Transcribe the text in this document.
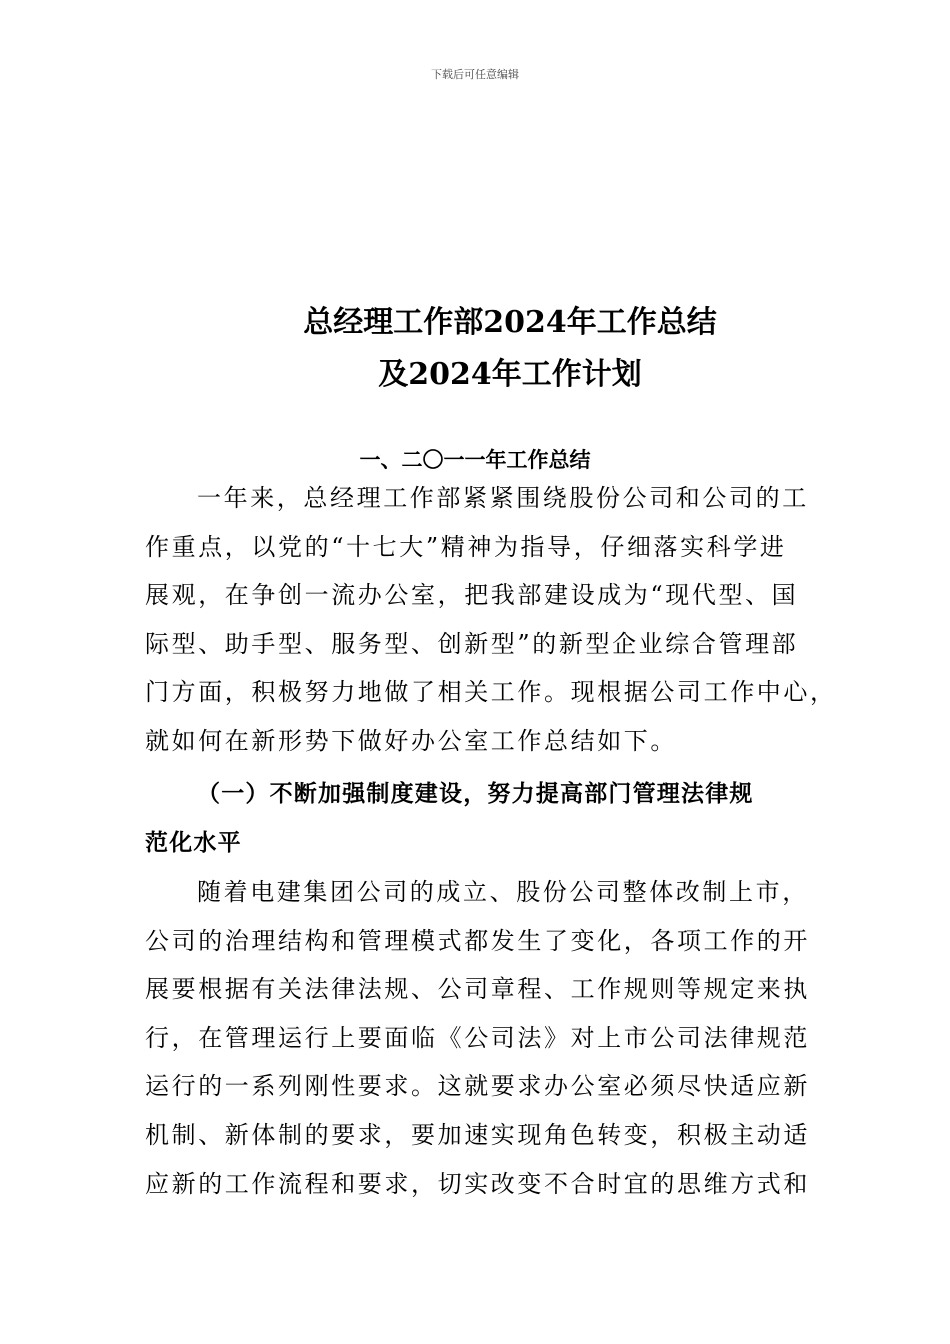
下载后可任意编辑
总经理工作部2024年工作总结
及2024年工作计划
一、二〇一一年工作总结
一年来，总经理工作部紧紧围绕股份公司和公司的工
作重点，以党的“十七大”精神为指导，仔细落实科学进
展观，在争创一流办公室，把我部建设成为“现代型、国
际型、助手型、服务型、创新型”的新型企业综合管理部
门方面，积极努力地做了相关工作。现根据公司工作中心，
就如何在新形势下做好办公室工作总结如下。
（一）不断加强制度建设，努力提高部门管理法律规
范化水平
随着电建集团公司的成立、股份公司整体改制上市，
公司的治理结构和管理模式都发生了变化，各项工作的开
展要根据有关法律法规、公司章程、工作规则等规定来执
行，在管理运行上要面临《公司法》对上市公司法律规范
运行的一系列刚性要求。这就要求办公室必须尽快适应新
机制、新体制的要求，要加速实现角色转变，积极主动适
应新的工作流程和要求，切实改变不合时宜的思维方式和
